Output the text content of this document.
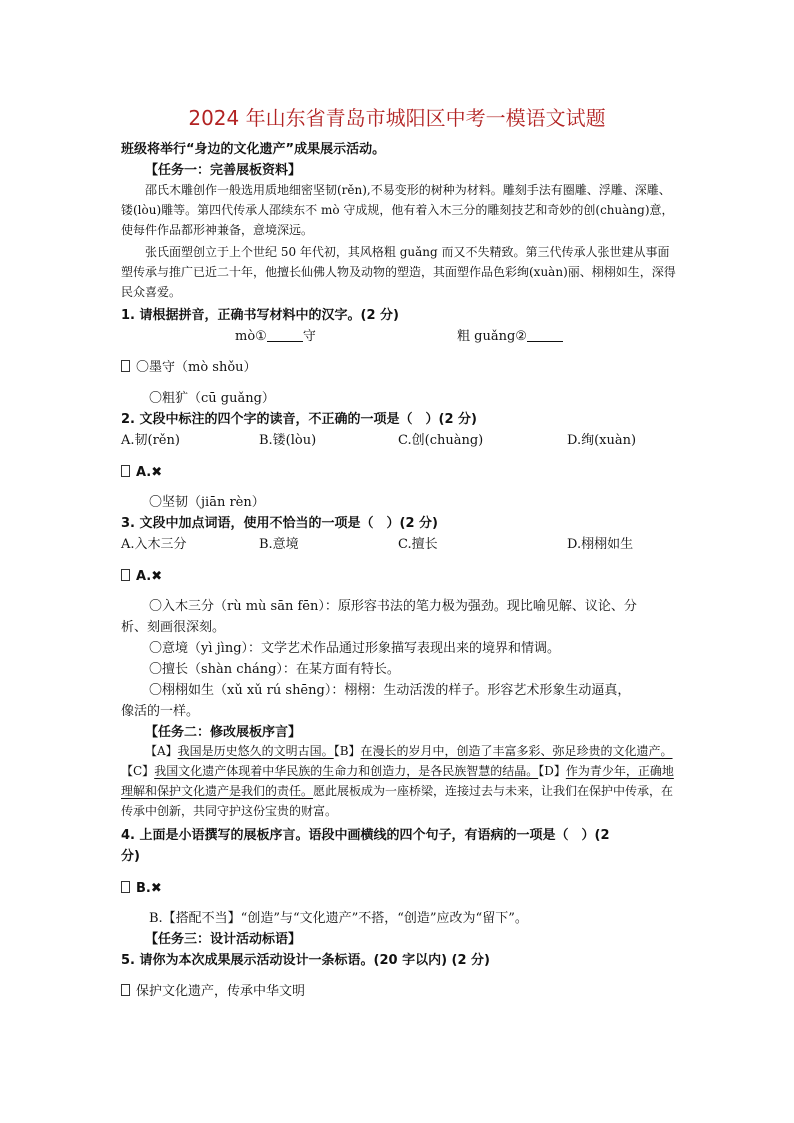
2024 年山东省青岛市城阳区中考一模语文试题
班级将举行“身边的文化遗产”成果展示活动。
【任务一：完善展板资料】
邵氏木雕创作一般选用质地细密坚韧(rěn),不易变形的树种为材料。雕刻手法有圈雕、浮雕、深雕、镂(lòu)雕等。第四代传承人邵续东不 mò 守成规，他有着入木三分的雕刻技艺和奇妙的创(chuàng)意，使每件作品都形神兼备，意境深远。
张氏面塑创立于上个世纪 50 年代初，其风格粗 guǎng 而又不失精致。第三代传承人张世建从事面塑传承与推广已近二十年，他擅长仙佛人物及动物的塑造，其面塑作品色彩绚(xuàn)丽、栩栩如生，深得民众喜爱。
1. 请根据拼音，正确书写材料中的汉字。(2 分)
mò①	守	粗 guǎng②
〇墨守（mò shǒu）
〇粗犷（cū guǎng）
2. 文段中标注的四个字的读音，不正确的一项是（　）(2 分)
A.韧(rěn)	B.镂(lòu)	C.创(chuàng)	D.绚(xuàn)
A.✖
〇坚韧（jiān rèn）
3. 文段中加点词语，使用不恰当的一项是（　）(2 分)
A.入木三分	B.意境	C.擅长	D.栩栩如生
A.✖
〇入木三分（rù mù sān fēn）：原形容书法的笔力极为强劲。现比喻见解、议论、分
析、刻画很深刻。
〇意境（yì jìng）：文学艺术作品通过形象描写表现出来的境界和情调。
〇擅长（shàn cháng）：在某方面有特长。
〇栩栩如生（xǔ xǔ rú shēng）：栩栩：生动活泼的样子。形容艺术形象生动逼真，
像活的一样。
【任务二：修改展板序言】
【A】我国是历史悠久的文明古国。【B】在漫长的岁月中，创造了丰富多彩、弥足珍贵的文化遗产。【C】我国文化遗产体现着中华民族的生命力和创造力，是各民族智慧的结晶。【D】作为青少年，正确地理解和保护文化遗产是我们的责任。愿此展板成为一座桥梁，连接过去与未来，让我们在保护中传承，在传承中创新，共同守护这份宝贵的财富。
4. 上面是小语撰写的展板序言。语段中画横线的四个句子，有语病的一项是（　）(2
分)
B.✖
B.【搭配不当】“创造”与“文化遗产”不搭，“创造”应改为“留下”。
【任务三：设计活动标语】
5. 请你为本次成果展示活动设计一条标语。(20 字以内) (2 分)
保护文化遗产，传承中华文明
